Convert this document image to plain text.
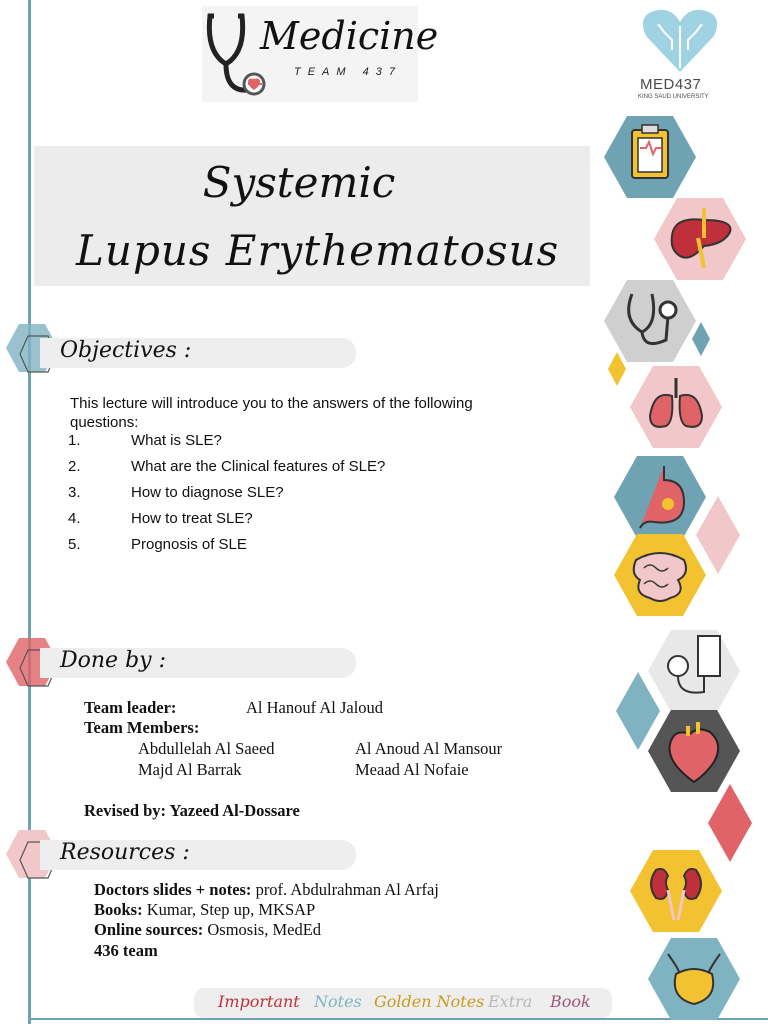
Medicine
TEAM 437
MED437
KING SAUD UNIVERSITY
Systemic
Lupus Erythematosus
Objectives :
This lecture will introduce you to the answers of the following questions:
1.	What is SLE?
2.	What are the Clinical features of SLE?
3.	How to diagnose SLE?
4.	How to treat SLE?
5.	Prognosis of SLE
Done by :
Team leader:	Al Hanouf Al Jaloud
Team Members:
Abdullelah Al Saeed	Al Anoud Al Mansour
Majd Al Barrak	Meaad Al Nofaie
Revised by: Yazeed Al-Dossare
Resources :
Doctors slides + notes: prof. Abdulrahman Al Arfaj
Books: Kumar, Step up, MKSAP
Online sources: Osmosis, MedEd
436 team
Important Notes Golden Notes Extra Book
